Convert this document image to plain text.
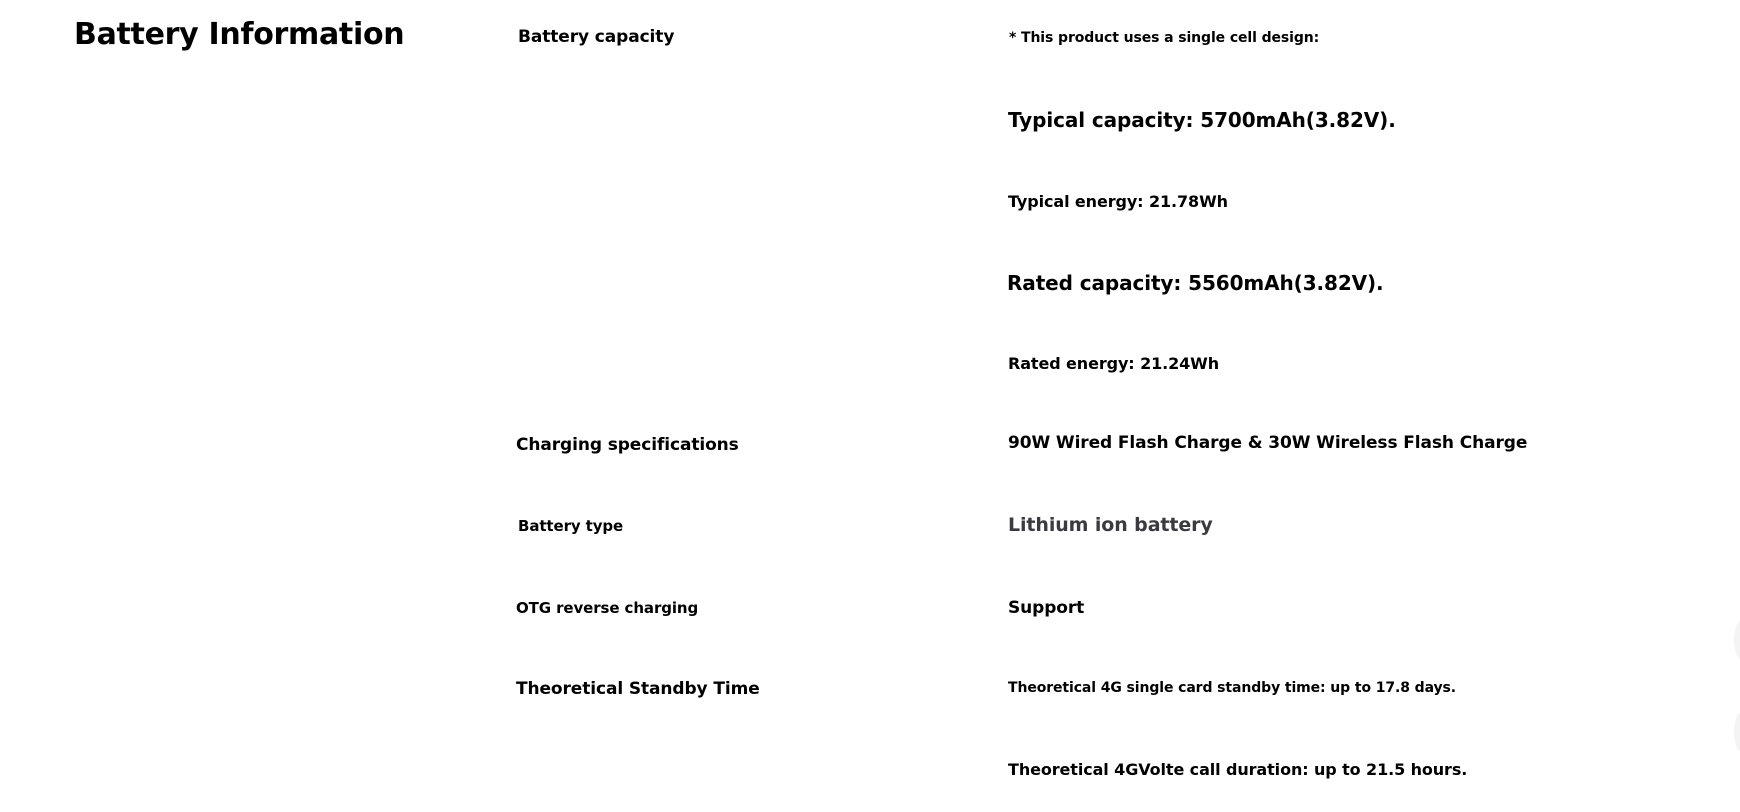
Battery Information	Battery capacity
Charging specifications
Battery type
OTG reverse charging
Theoretical Standby Time
* This product uses a single cell design:
Typical capacity: 5700mAh(3.82V).
Typical energy: 21.78Wh
Rated capacity: 5560mAh(3.82V).
Rated energy: 21.24Wh
90W Wired Flash Charge & 30W Wireless Flash Charge
Lithium ion battery
Support
Theoretical 4G single card standby time: up to 17.8 days.
Theoretical 4GVolte call duration: up to 21.5 hours.
